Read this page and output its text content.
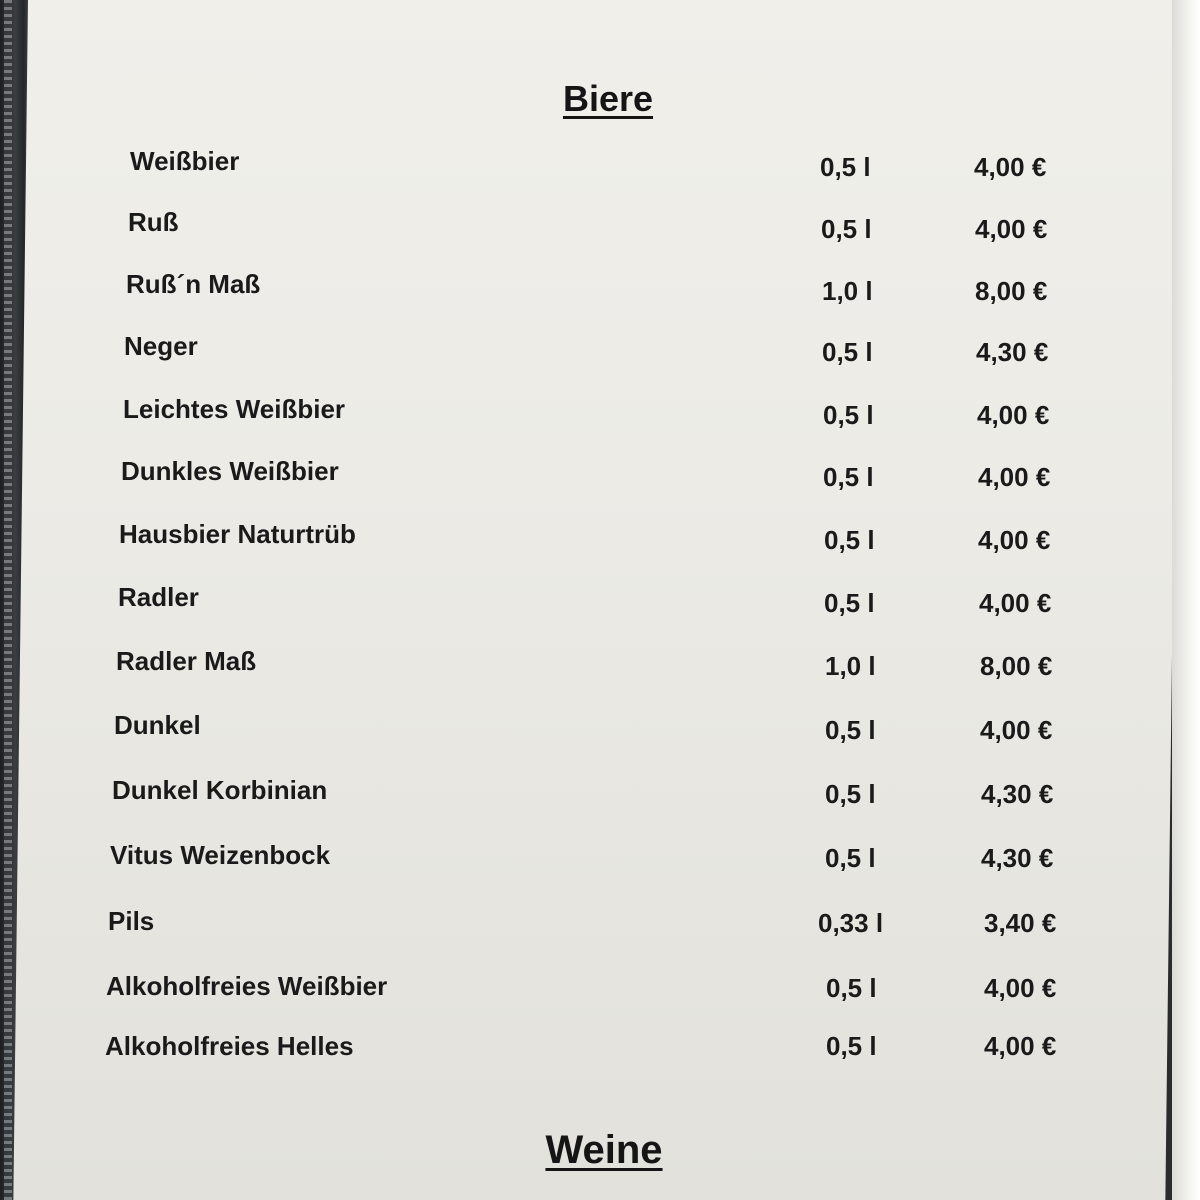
Biere
Weißbier	0,5 l	4,00 €
Ruß	0,5 l	4,00 €
Ruß´n Maß	1,0 l	8,00 €
Neger	0,5 l	4,30 €
Leichtes Weißbier	0,5 l	4,00 €
Dunkles Weißbier	0,5 l	4,00 €
Hausbier Naturtrüb	0,5 l	4,00 €
Radler	0,5 l	4,00 €
Radler Maß	1,0 l	8,00 €
Dunkel	0,5 l	4,00 €
Dunkel Korbinian	0,5 l	4,30 €
Vitus Weizenbock	0,5 l	4,30 €
Pils	0,33 l	3,40 €
Alkoholfreies Weißbier	0,5 l	4,00 €
Alkoholfreies Helles	0,5 l	4,00 €
Weine
